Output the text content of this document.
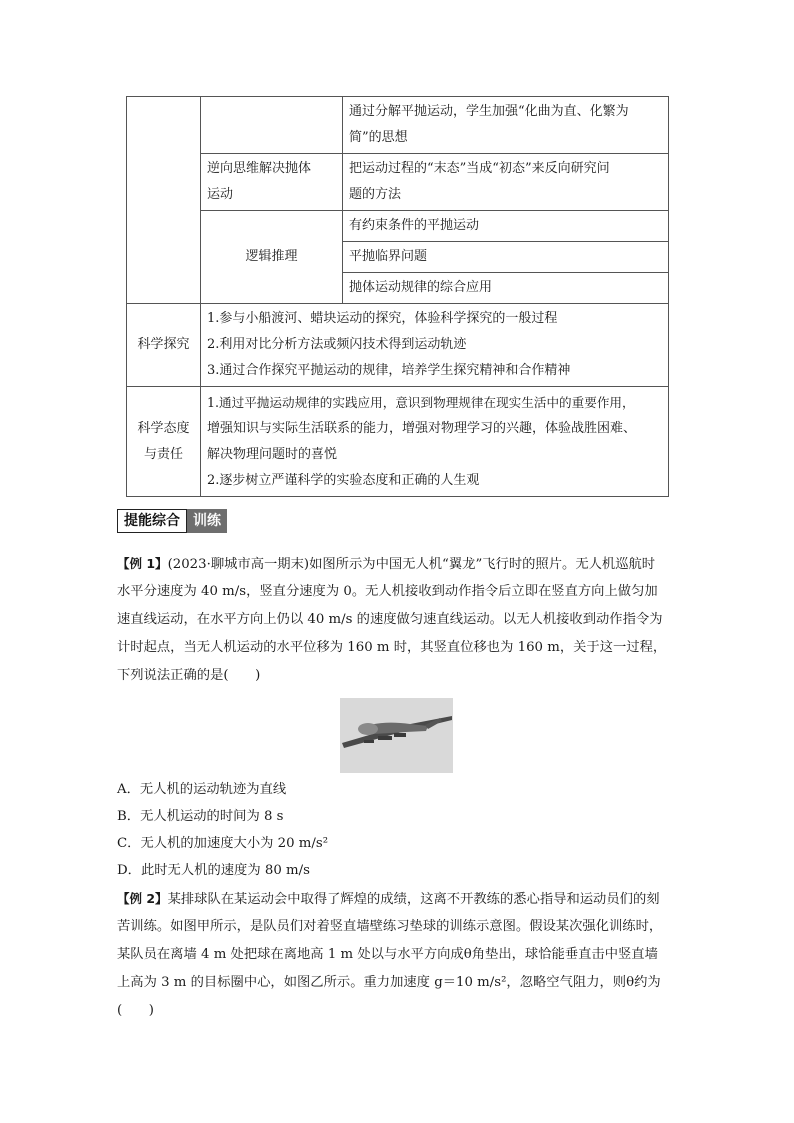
		通过分解平抛运动，学生加强“化曲为直、化繁为
简”的思想

	逆向思维解决抛体
运动	把运动过程的“末态”当成“初态”来反向研究问
题的方法

	逻辑推理	有约束条件的平抛运动
		平抛临界问题
		抛体运动规律的综合应用
科学探究	1.参与小船渡河、蜡块运动的探究，体验科学探究的一般过程
2.利用对比分析方法或频闪技术得到运动轨迹
3.通过合作探究平抛运动的规律，培养学生探究精神和合作精神	

科学态度
与责任	1.通过平抛运动规律的实践应用，意识到物理规律在现实生活中的重要作用，
增强知识与实际生活联系的能力，增强对物理学习的兴趣，体验战胜困难、
解决物理问题时的喜悦
2.逐步树立严谨科学的实验态度和正确的人生观	
提能综合 训练
【例 1】(2023·聊城市高一期末)如图所示为中国无人机“翼龙”飞行时的照片。无人机巡航时
水平分速度为 40 m/s，竖直分速度为 0。无人机接收到动作指令后立即在竖直方向上做匀加
速直线运动，在水平方向上仍以 40 m/s 的速度做匀速直线运动。以无人机接收到动作指令为
计时起点，当无人机运动的水平位移为 160 m 时，其竖直位移也为 160 m，关于这一过程，
下列说法正确的是(　　)
A．无人机的运动轨迹为直线
B．无人机运动的时间为 8 s
C．无人机的加速度大小为 20 m/s²
D．此时无人机的速度为 80 m/s
【例 2】某排球队在某运动会中取得了辉煌的成绩，这离不开教练的悉心指导和运动员们的刻
苦训练。如图甲所示，是队员们对着竖直墙壁练习垫球的训练示意图。假设某次强化训练时，
某队员在离墙 4 m 处把球在离地高 1 m 处以与水平方向成θ角垫出，球恰能垂直击中竖直墙
上高为 3 m 的目标圈中心，如图乙所示。重力加速度 g＝10 m/s²，忽略空气阻力，则θ约为
(　　)
